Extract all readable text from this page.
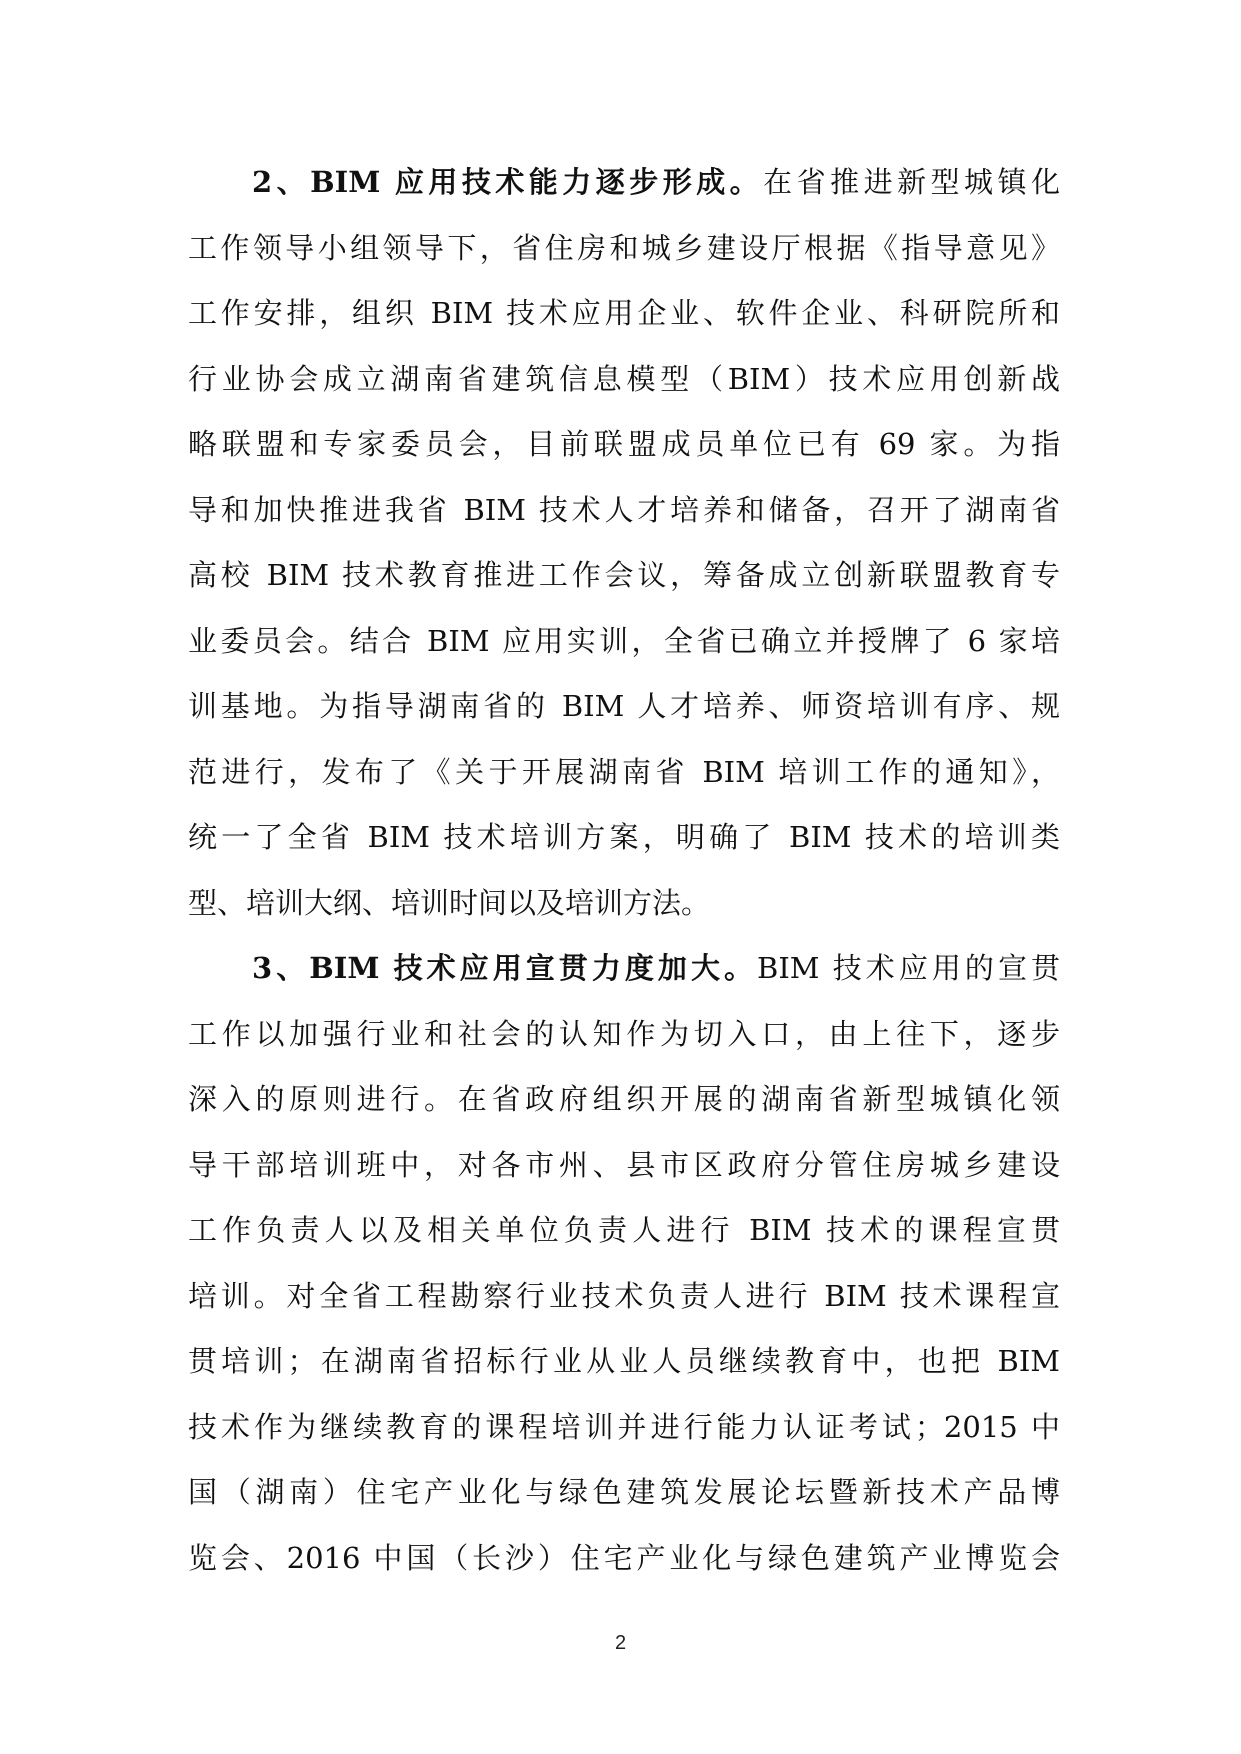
2、BIM 应用技术能力逐步形成。在省推进新型城镇化
工作领导小组领导下，省住房和城乡建设厅根据《指导意见》
工作安排，组织 BIM 技术应用企业、软件企业、科研院所和
行业协会成立湖南省建筑信息模型（BIM）技术应用创新战
略联盟和专家委员会，目前联盟成员单位已有 69 家。为指
导和加快推进我省 BIM 技术人才培养和储备，召开了湖南省
高校 BIM 技术教育推进工作会议，筹备成立创新联盟教育专
业委员会。结合 BIM 应用实训，全省已确立并授牌了 6 家培
训基地。为指导湖南省的 BIM 人才培养、师资培训有序、规
范进行，发布了《关于开展湖南省 BIM 培训工作的通知》，
统一了全省 BIM 技术培训方案，明确了 BIM 技术的培训类
型、培训大纲、培训时间以及培训方法。
3、BIM 技术应用宣贯力度加大。BIM 技术应用的宣贯
工作以加强行业和社会的认知作为切入口，由上往下，逐步
深入的原则进行。在省政府组织开展的湖南省新型城镇化领
导干部培训班中，对各市州、县市区政府分管住房城乡建设
工作负责人以及相关单位负责人进行 BIM 技术的课程宣贯
培训。对全省工程勘察行业技术负责人进行 BIM 技术课程宣
贯培训；在湖南省招标行业从业人员继续教育中，也把 BIM
技术作为继续教育的课程培训并进行能力认证考试；2015 中
国（湖南）住宅产业化与绿色建筑发展论坛暨新技术产品博
览会、2016 中国（长沙）住宅产业化与绿色建筑产业博览会
2
